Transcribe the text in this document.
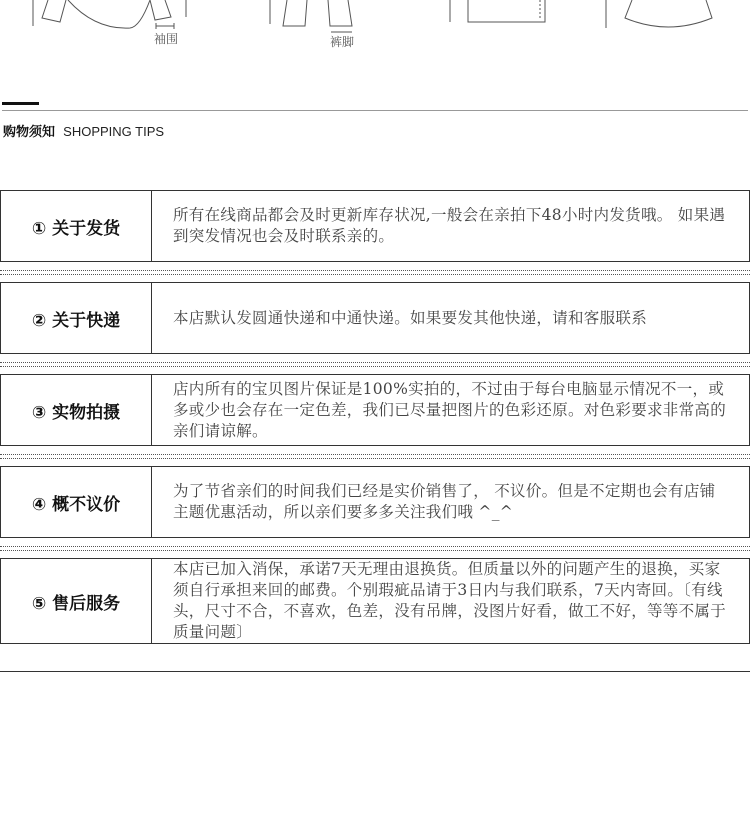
袖围	裤脚
购物须知 SHOPPING TIPS
① 关于发货
所有在线商品都会及时更新库存状况,一般会在亲拍下48小时内发货哦。 如果遇到突发情况也会及时联系亲的。
② 关于快递	本店默认发圆通快递和中通快递。如果要发其他快递，请和客服联系
③ 实物拍摄
店内所有的宝贝图片保证是100%实拍的，不过由于每台电脑显示情况不一，或多或少也会存在一定色差，我们已尽量把图片的色彩还原。对色彩要求非常高的亲们请谅解。
④ 概不议价
为了节省亲们的时间我们已经是实价销售了， 不议价。但是不定期也会有店铺主题优惠活动，所以亲们要多多关注我们哦 ^_^
⑤ 售后服务
本店已加入消保，承诺7天无理由退换货。但质量以外的问题产生的退换，买家须自行承担来回的邮费。个别瑕疵品请于3日内与我们联系，7天内寄回。〔有线头，尺寸不合，不喜欢，色差，没有吊牌，没图片好看，做工不好，等等不属于质量问题〕
